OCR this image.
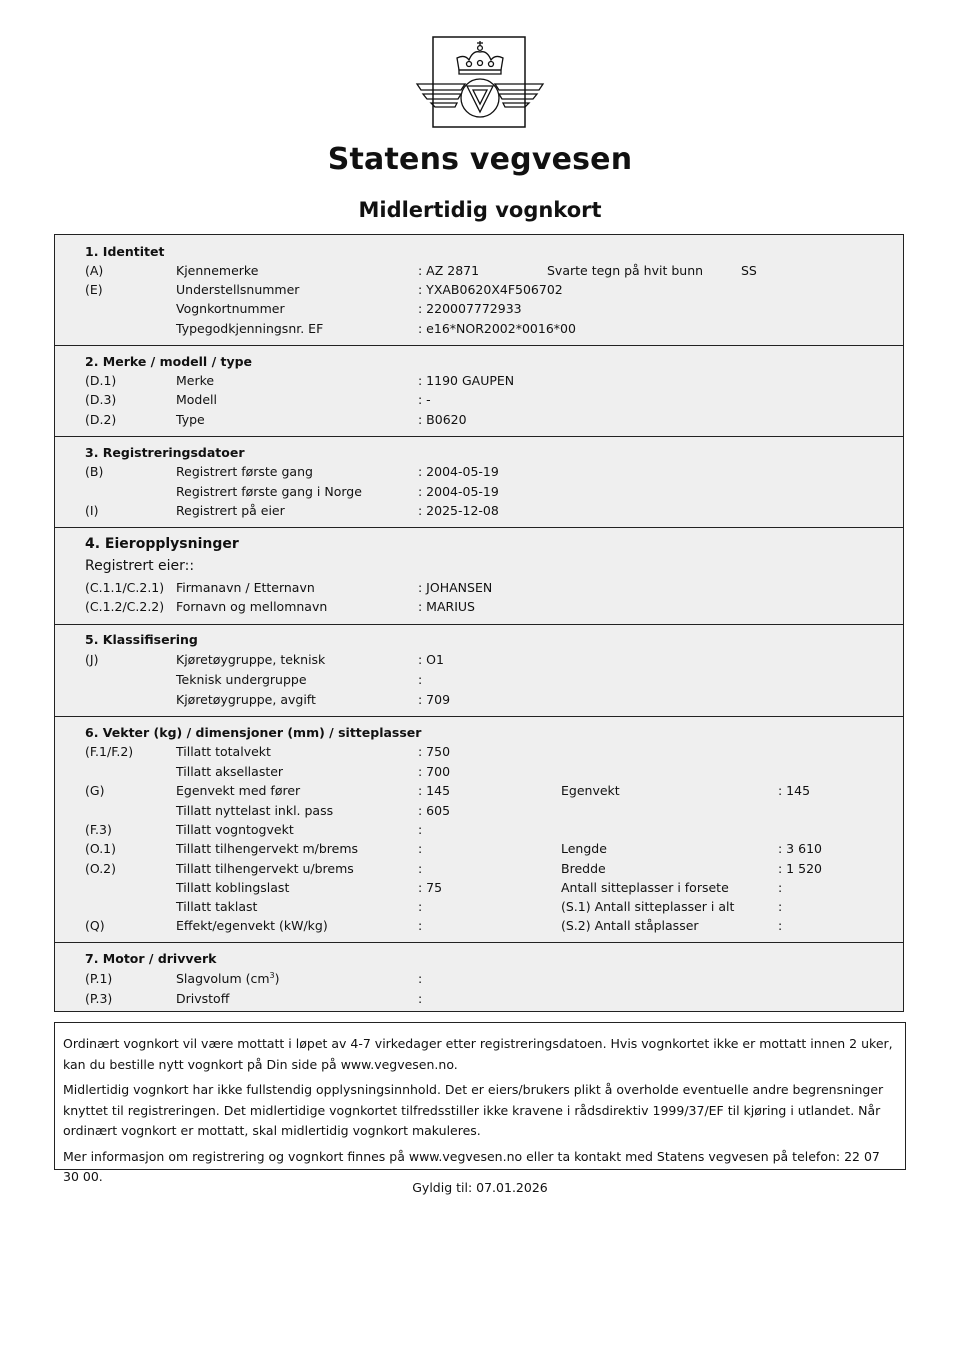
Statens vegvesen
Midlertidig vognkort
1. Identitet
(A)	Kjennemerke	: AZ 2871	Svarte tegn på hvit bunn	SS
(E)	Understellsnummer	: YXAB0620X4F506702
Vognkortnummer	: 220007772933
Typegodkjenningsnr. EF	: e16*NOR2002*0016*00
2. Merke / modell / type
(D.1)	Merke	: 1190 GAUPEN
(D.3)	Modell	: -
(D.2)	Type	: B0620
3. Registreringsdatoer
(B)	Registrert første gang	: 2004-05-19
Registrert første gang i Norge	: 2004-05-19
(I)	Registrert på eier	: 2025-12-08
4. Eieropplysninger
Registrert eier::
(C.1.1/C.2.1) Firmanavn / Etternavn	: JOHANSEN
(C.1.2/C.2.2) Fornavn og mellomnavn	: MARIUS
5. Klassifisering
(J)	Kjøretøygruppe, teknisk	: O1
Teknisk undergruppe	:
Kjøretøygruppe, avgift	: 709
6. Vekter (kg) / dimensjoner (mm) / sitteplasser
(F.1/F.2)	Tillatt totalvekt	: 750
Tillatt aksellaster	: 700
(G)	Egenvekt med fører	: 145	Egenvekt	: 145
Tillatt nyttelast inkl. pass	: 605
(F.3)	Tillatt vogntogvekt	:
(O.1)	Tillatt tilhengervekt m/brems	:	Lengde	: 3 610
(O.2)	Tillatt tilhengervekt u/brems	:	Bredde	: 1 520
Tillatt koblingslast	: 75	Antall sitteplasser i forsete	:
Tillatt taklast	:	(S.1) Antall sitteplasser i alt	:
(Q)	Effekt/egenvekt (kW/kg)	:	(S.2) Antall ståplasser	:
7. Motor / drivverk
(P.1)	Slagvolum $(cm^3)$	:
(P.3)	Drivstoff	:

Ordinært vognkort vil være mottatt i løpet av 4-7 virkedager etter registreringsdatoen. Hvis vognkortet ikke er mottatt innen 2 uker, kan du bestille nytt vognkort på Din side på www.vegvesen.no.

Midlertidig vognkort har ikke fullstendig opplysningsinnhold. Det er eiers/brukers plikt å overholde eventuelle andre begrensninger knyttet til registreringen. Det midlertidige vognkortet tilfredsstiller ikke kravene i rådsdirektiv 1999/37/EF til kjøring i utlandet. Når ordinært vognkort er mottatt, skal midlertidig vognkort makuleres.

Mer informasjon om registrering og vognkort finnes på www.vegvesen.no eller ta kontakt med Statens vegvesen på telefon: 22 07 30 00.

Gyldig til: 07.01.2026
